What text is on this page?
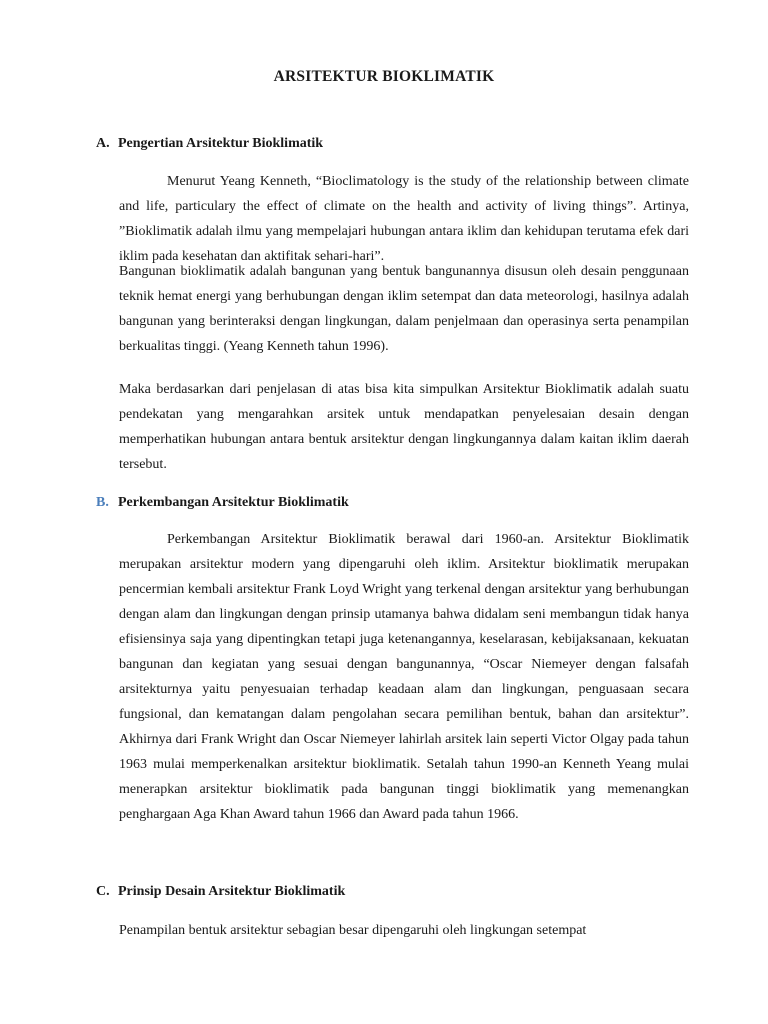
ARSITEKTUR BIOKLIMATIK
A. Pengertian Arsitektur Bioklimatik

Menurut Yeang Kenneth, “Bioclimatology is the study of the relationship between climate and life, particulary the effect of climate on the health and activity of living things”. Artinya, ”Bioklimatik adalah ilmu yang mempelajari hubungan antara iklim dan kehidupan terutama efek dari iklim pada kesehatan dan aktifitak sehari-hari”.

Bangunan bioklimatik adalah bangunan yang bentuk bangunannya disusun oleh desain penggunaan teknik hemat energi yang berhubungan dengan iklim setempat dan data meteorologi, hasilnya adalah bangunan yang berinteraksi dengan lingkungan, dalam penjelmaan dan operasinya serta penampilan berkualitas tinggi. (Yeang Kenneth tahun 1996).

Maka berdasarkan dari penjelasan di atas bisa kita simpulkan Arsitektur Bioklimatik adalah suatu pendekatan yang mengarahkan arsitek untuk mendapatkan penyelesaian desain dengan memperhatikan hubungan antara bentuk arsitektur dengan lingkungannya dalam kaitan iklim daerah tersebut.

B. Perkembangan Arsitektur Bioklimatik

Perkembangan Arsitektur Bioklimatik berawal dari 1960-an. Arsitektur Bioklimatik merupakan arsitektur modern yang dipengaruhi oleh iklim. Arsitektur bioklimatik merupakan pencermian kembali arsitektur Frank Loyd Wright yang terkenal dengan arsitektur yang berhubungan dengan alam dan lingkungan dengan prinsip utamanya bahwa didalam seni membangun tidak hanya efisiensinya saja yang dipentingkan tetapi juga ketenangannya, keselarasan, kebijaksanaan, kekuatan bangunan dan kegiatan yang sesuai dengan bangunannya, “Oscar Niemeyer dengan falsafah arsitekturnya yaitu penyesuaian terhadap keadaan alam dan lingkungan, penguasaan secara fungsional, dan kematangan dalam pengolahan secara pemilihan bentuk, bahan dan arsitektur”. Akhirnya dari Frank Wright dan Oscar Niemeyer lahirlah arsitek lain seperti Victor Olgay pada tahun 1963 mulai memperkenalkan arsitektur bioklimatik. Setalah tahun 1990-an Kenneth Yeang mulai menerapkan arsitektur bioklimatik pada bangunan tinggi bioklimatik yang memenangkan penghargaan Aga Khan Award tahun 1966 dan Award pada tahun 1966.

C. Prinsip Desain Arsitektur Bioklimatik

Penampilan bentuk arsitektur sebagian besar dipengaruhi oleh lingkungan setempat
